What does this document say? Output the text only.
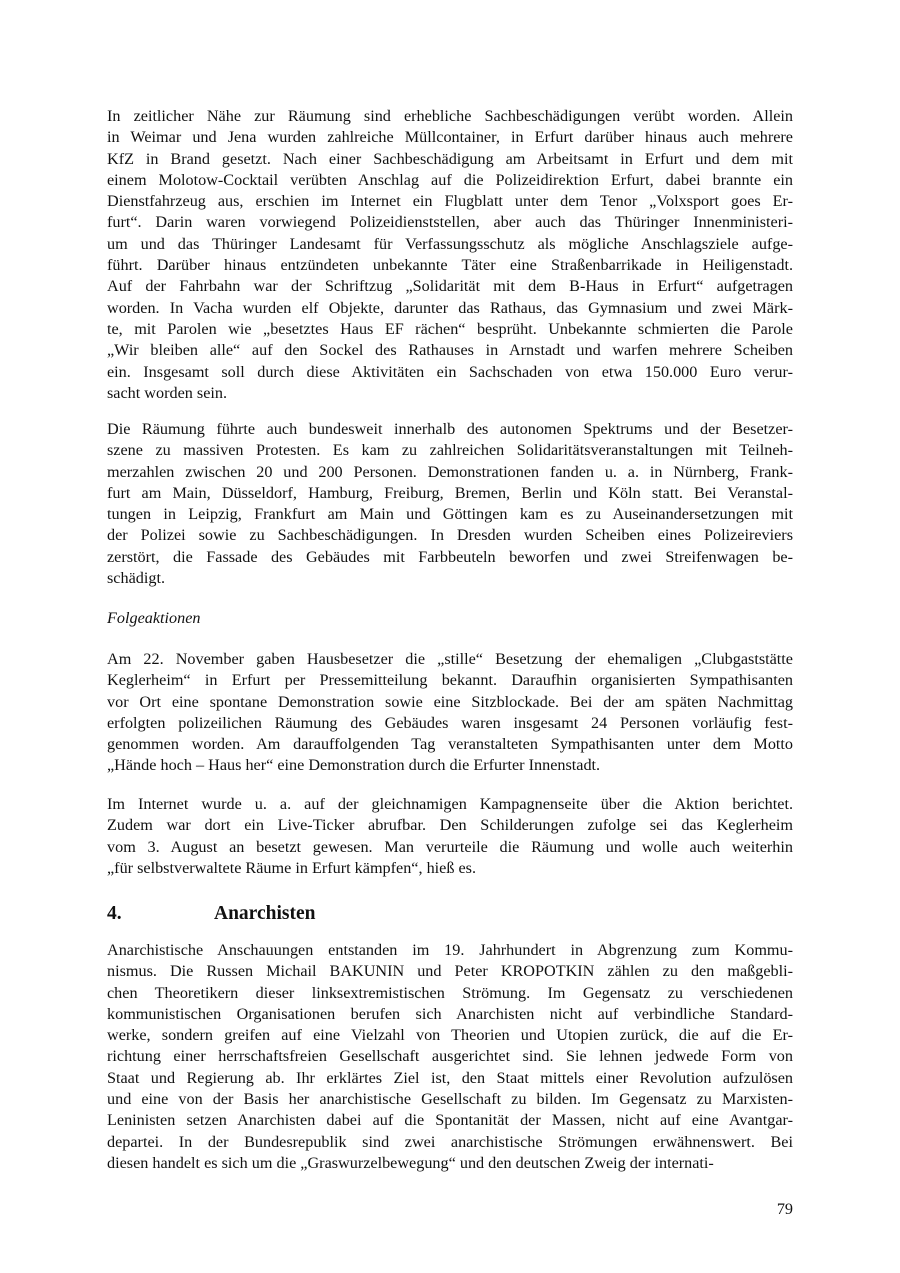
In zeitlicher Nähe zur Räumung sind erhebliche Sachbeschädigungen verübt worden. Allein
in Weimar und Jena wurden zahlreiche Müllcontainer, in Erfurt darüber hinaus auch mehrere
KfZ in Brand gesetzt. Nach einer Sachbeschädigung am Arbeitsamt in Erfurt und dem mit
einem Molotow-Cocktail verübten Anschlag auf die Polizeidirektion Erfurt, dabei brannte ein
Dienstfahrzeug aus, erschien im Internet ein Flugblatt unter dem Tenor „Volxsport goes Er-
furt“. Darin waren vorwiegend Polizeidienststellen, aber auch das Thüringer Innenministeri-
um und das Thüringer Landesamt für Verfassungsschutz als mögliche Anschlagsziele aufge-
führt. Darüber hinaus entzündeten unbekannte Täter eine Straßenbarrikade in Heiligenstadt.
Auf der Fahrbahn war der Schriftzug „Solidarität mit dem B-Haus in Erfurt“ aufgetragen
worden. In Vacha wurden elf Objekte, darunter das Rathaus, das Gymnasium und zwei Märk-
te, mit Parolen wie „besetztes Haus EF rächen“ besprüht. Unbekannte schmierten die Parole
„Wir bleiben alle“ auf den Sockel des Rathauses in Arnstadt und warfen mehrere Scheiben
ein. Insgesamt soll durch diese Aktivitäten ein Sachschaden von etwa 150.000 Euro verur-
sacht worden sein.
Die Räumung führte auch bundesweit innerhalb des autonomen Spektrums und der Besetzer-
szene zu massiven Protesten. Es kam zu zahlreichen Solidaritätsveranstaltungen mit Teilneh-
merzahlen zwischen 20 und 200 Personen. Demonstrationen fanden u. a. in Nürnberg, Frank-
furt am Main, Düsseldorf, Hamburg, Freiburg, Bremen, Berlin und Köln statt. Bei Veranstal-
tungen in Leipzig, Frankfurt am Main und Göttingen kam es zu Auseinandersetzungen mit
der Polizei sowie zu Sachbeschädigungen. In Dresden wurden Scheiben eines Polizeireviers
zerstört, die Fassade des Gebäudes mit Farbbeuteln beworfen und zwei Streifenwagen be-
schädigt.
Folgeaktionen
Am 22. November gaben Hausbesetzer die „stille“ Besetzung der ehemaligen „Clubgaststätte
Keglerheim“ in Erfurt per Pressemitteilung bekannt. Daraufhin organisierten Sympathisanten
vor Ort eine spontane Demonstration sowie eine Sitzblockade. Bei der am späten Nachmittag
erfolgten polizeilichen Räumung des Gebäudes waren insgesamt 24 Personen vorläufig fest-
genommen worden. Am darauffolgenden Tag veranstalteten Sympathisanten unter dem Motto
„Hände hoch – Haus her“ eine Demonstration durch die Erfurter Innenstadt.
Im Internet wurde u. a. auf der gleichnamigen Kampagnenseite über die Aktion berichtet.
Zudem war dort ein Live-Ticker abrufbar. Den Schilderungen zufolge sei das Keglerheim
vom 3. August an besetzt gewesen. Man verurteile die Räumung und wolle auch weiterhin
„für selbstverwaltete Räume in Erfurt kämpfen“, hieß es.
4.	Anarchisten
Anarchistische Anschauungen entstanden im 19. Jahrhundert in Abgrenzung zum Kommu-
nismus. Die Russen Michail BAKUNIN und Peter KROPOTKIN zählen zu den maßgebli-
chen Theoretikern dieser linksextremistischen Strömung. Im Gegensatz zu verschiedenen
kommunistischen Organisationen berufen sich Anarchisten nicht auf verbindliche Standard-
werke, sondern greifen auf eine Vielzahl von Theorien und Utopien zurück, die auf die Er-
richtung einer herrschaftsfreien Gesellschaft ausgerichtet sind. Sie lehnen jedwede Form von
Staat und Regierung ab. Ihr erklärtes Ziel ist, den Staat mittels einer Revolution aufzulösen
und eine von der Basis her anarchistische Gesellschaft zu bilden. Im Gegensatz zu Marxisten-
Leninisten setzen Anarchisten dabei auf die Spontanität der Massen, nicht auf eine Avantgar-
departei. In der Bundesrepublik sind zwei anarchistische Strömungen erwähnenswert. Bei
diesen handelt es sich um die „Graswurzelbewegung“ und den deutschen Zweig der internati-
79
